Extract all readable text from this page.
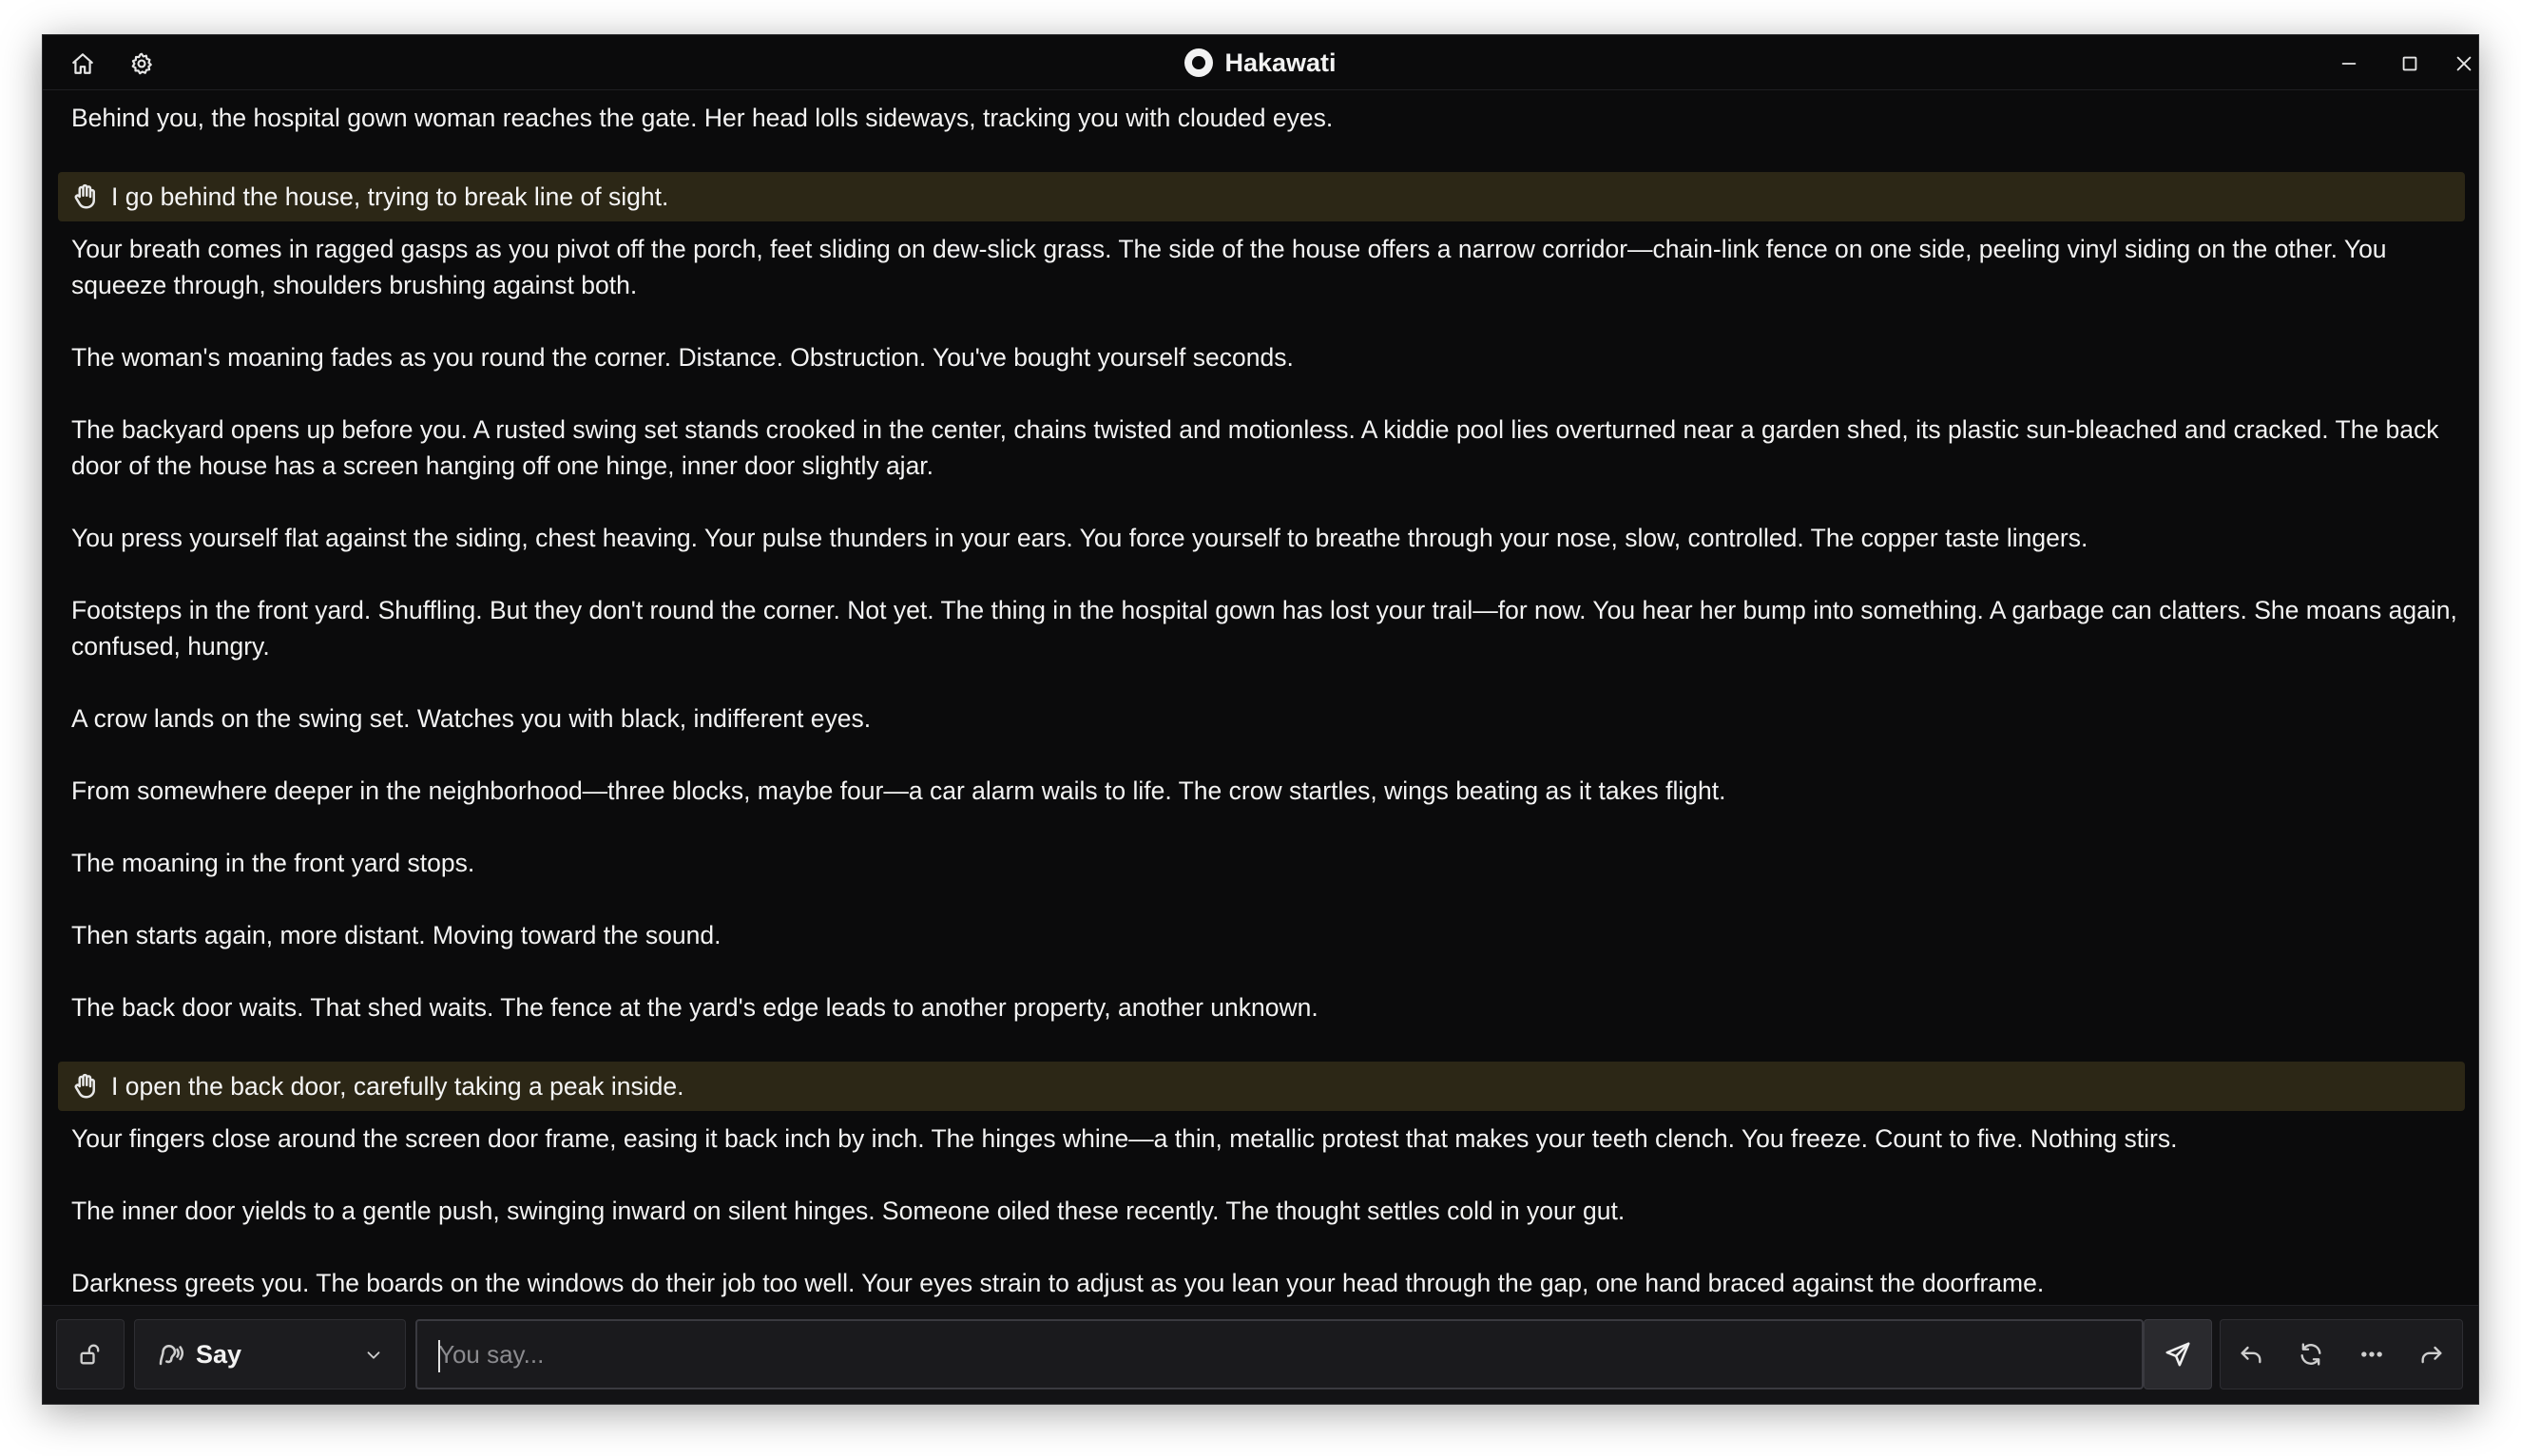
Hakawati

Behind you, the hospital gown woman reaches the gate. Her head lolls sideways, tracking you with clouded eyes.

I go behind the house, trying to break line of sight.

Your breath comes in ragged gasps as you pivot off the porch, feet sliding on dew-slick grass. The side of the house offers a narrow corridor—chain-link fence on one side, peeling vinyl siding on the other. You squeeze through, shoulders brushing against both.

The woman's moaning fades as you round the corner. Distance. Obstruction. You've bought yourself seconds.

The backyard opens up before you. A rusted swing set stands crooked in the center, chains twisted and motionless. A kiddie pool lies overturned near a garden shed, its plastic sun-bleached and cracked. The back door of the house has a screen hanging off one hinge, inner door slightly ajar.

You press yourself flat against the siding, chest heaving. Your pulse thunders in your ears. You force yourself to breathe through your nose, slow, controlled. The copper taste lingers.

Footsteps in the front yard. Shuffling. But they don't round the corner. Not yet. The thing in the hospital gown has lost your trail—for now. You hear her bump into something. A garbage can clatters. She moans again, confused, hungry.

A crow lands on the swing set. Watches you with black, indifferent eyes.

From somewhere deeper in the neighborhood—three blocks, maybe four—a car alarm wails to life. The crow startles, wings beating as it takes flight.

The moaning in the front yard stops.

Then starts again, more distant. Moving toward the sound.

The back door waits. That shed waits. The fence at the yard's edge leads to another property, another unknown.

I open the back door, carefully taking a peak inside.

Your fingers close around the screen door frame, easing it back inch by inch. The hinges whine—a thin, metallic protest that makes your teeth clench. You freeze. Count to five. Nothing stirs.

The inner door yields to a gentle push, swinging inward on silent hinges. Someone oiled these recently. The thought settles cold in your gut.

Darkness greets you. The boards on the windows do their job too well. Your eyes strain to adjust as you lean your head through the gap, one hand braced against the doorframe.

Say
You say...
